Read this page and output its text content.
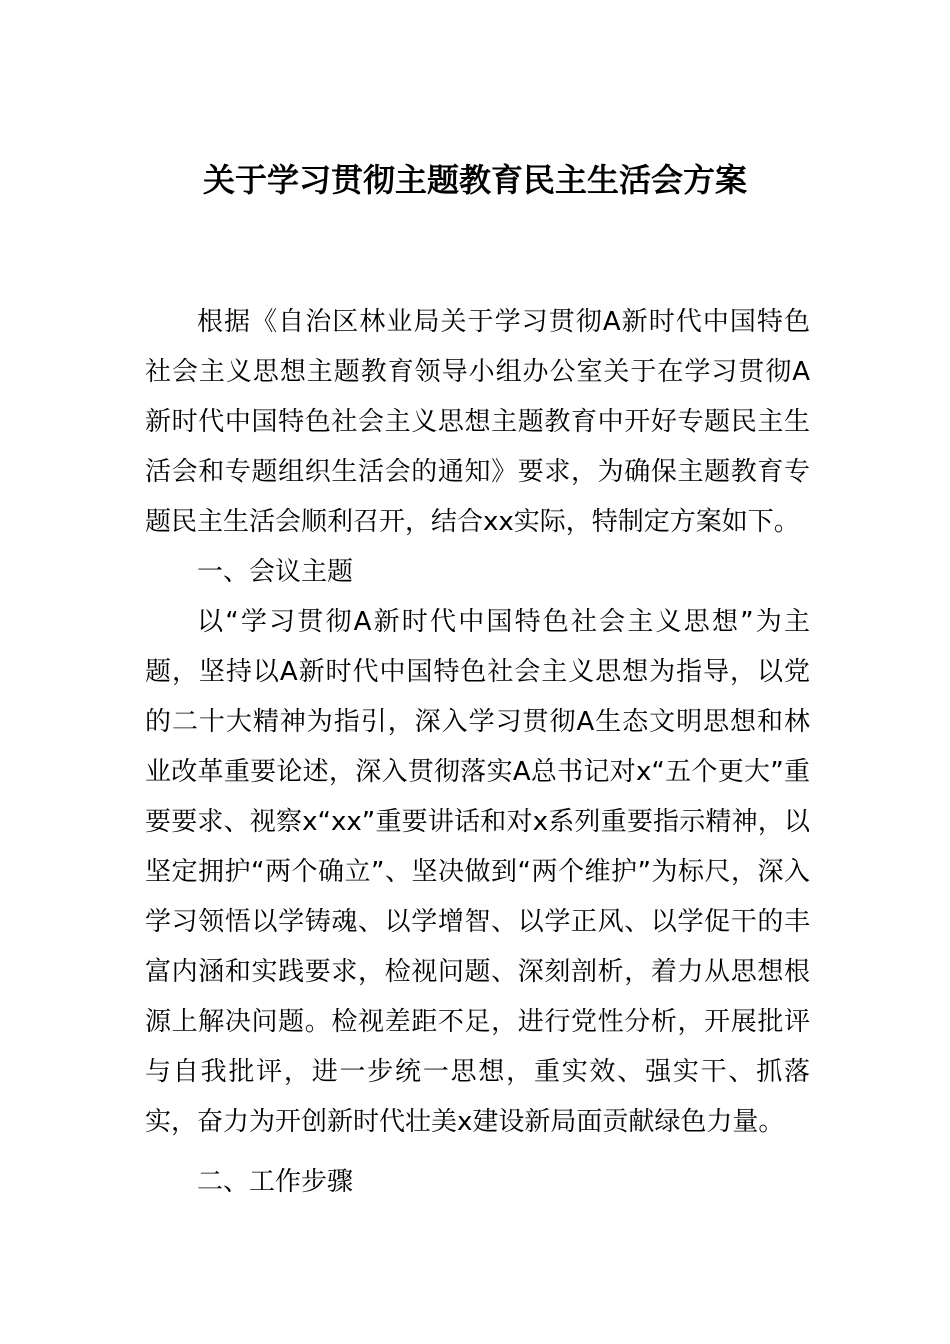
关于学习贯彻主题教育民主生活会方案

根据《自治区林业局关于学习贯彻A新时代中国特色社会主义思想主题教育领导小组办公室关于在学习贯彻A新时代中国特色社会主义思想主题教育中开好专题民主生活会和专题组织生活会的通知》要求，为确保主题教育专题民主生活会顺利召开，结合xx实际，特制定方案如下。

一、会议主题

以“学习贯彻A新时代中国特色社会主义思想”为主题，坚持以A新时代中国特色社会主义思想为指导，以党的二十大精神为指引，深入学习贯彻A生态文明思想和林业改革重要论述，深入贯彻落实A总书记对x“五个更大”重要要求、视察x“xx”重要讲话和对x系列重要指示精神，以坚定拥护“两个确立”、坚决做到“两个维护”为标尺，深入学习领悟以学铸魂、以学增智、以学正风、以学促干的丰富内涵和实践要求，检视问题、深刻剖析，着力从思想根源上解决问题。检视差距不足，进行党性分析，开展批评与自我批评，进一步统一思想，重实效、强实干、抓落实，奋力为开创新时代壮美x建设新局面贡献绿色力量。

二、工作步骤
